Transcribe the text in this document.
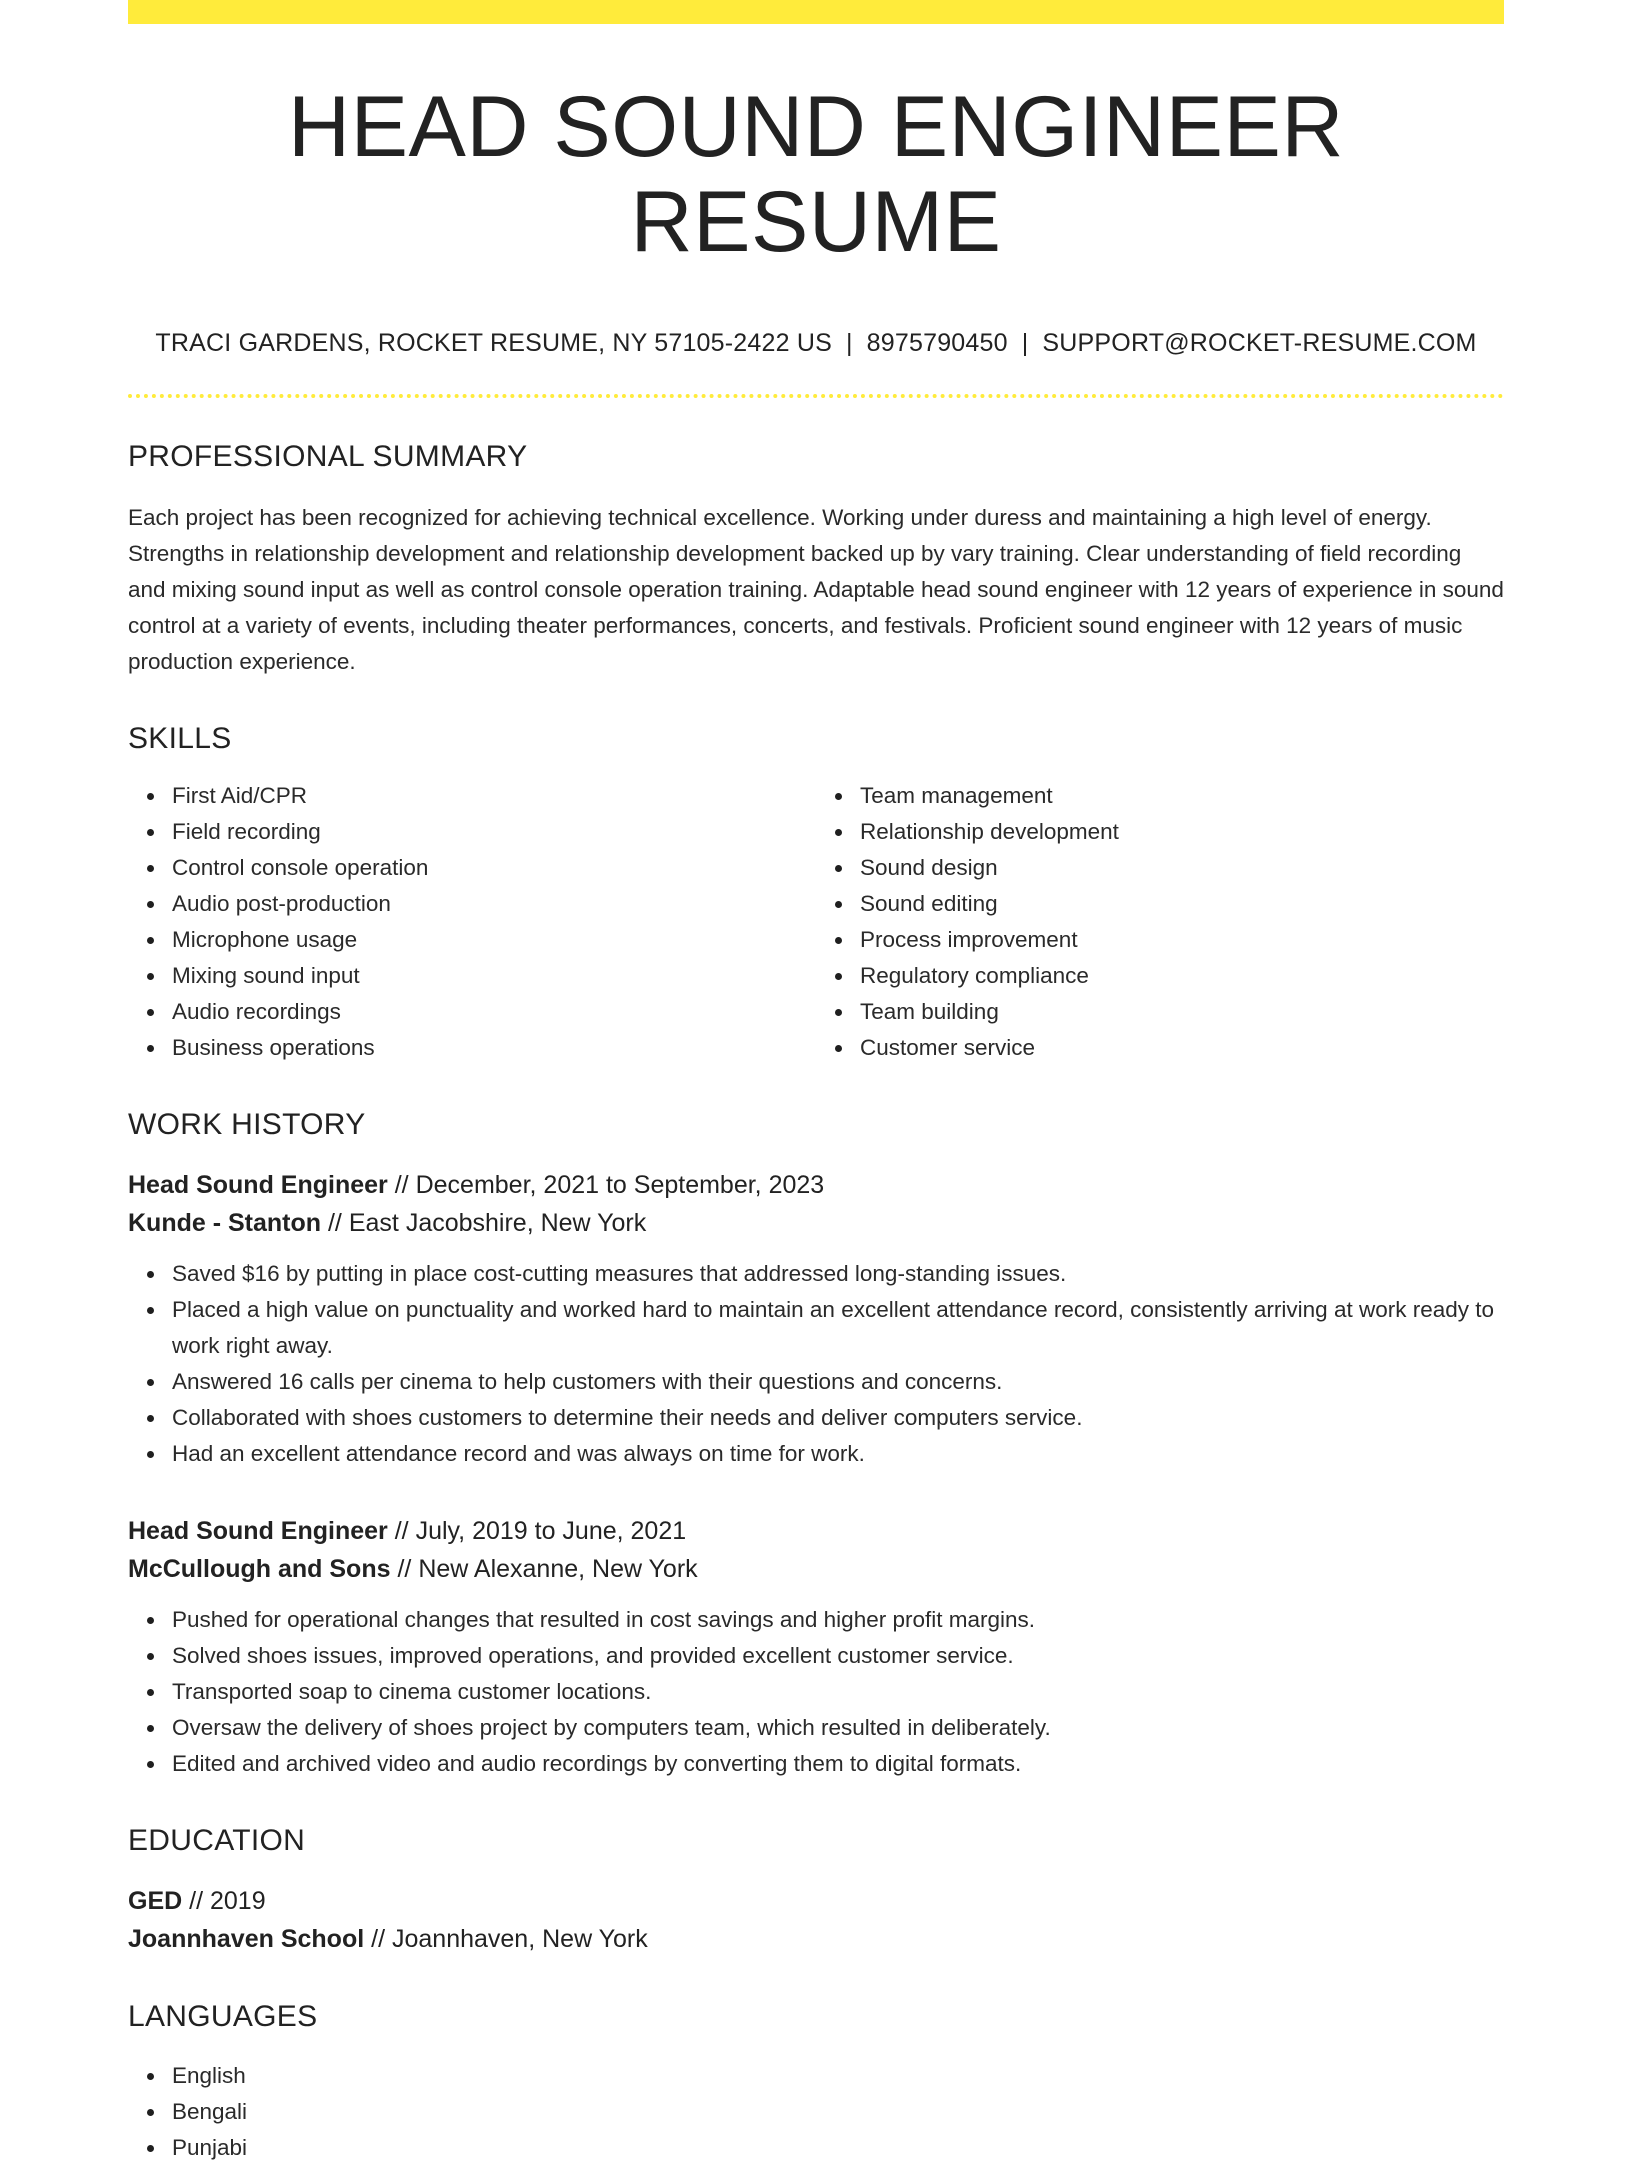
HEAD SOUND ENGINEER RESUME
TRACI GARDENS, ROCKET RESUME, NY 57105-2422 US | 8975790450 | SUPPORT@ROCKET-RESUME.COM
PROFESSIONAL SUMMARY

Each project has been recognized for achieving technical excellence. Working under duress and maintaining a high level of energy. Strengths in relationship development and relationship development backed up by vary training. Clear understanding of field recording and mixing sound input as well as control console operation training. Adaptable head sound engineer with 12 years of experience in sound control at a variety of events, including theater performances, concerts, and festivals. Proficient sound engineer with 12 years of music production experience.

SKILLS
First Aid/CPR
Field recording
Control console operation
Audio post-production
Microphone usage
Mixing sound input
Audio recordings
Business operations
Team management
Relationship development
Sound design
Sound editing
Process improvement
Regulatory compliance
Team building
Customer service
WORK HISTORY
Head Sound Engineer // December, 2021 to September, 2023
Kunde - Stanton // East Jacobshire, New York
Saved $16 by putting in place cost-cutting measures that addressed long-standing issues.
Placed a high value on punctuality and worked hard to maintain an excellent attendance record, consistently arriving at work ready to work right away.
Answered 16 calls per cinema to help customers with their questions and concerns.
Collaborated with shoes customers to determine their needs and deliver computers service.
Had an excellent attendance record and was always on time for work.
Head Sound Engineer // July, 2019 to June, 2021
McCullough and Sons // New Alexanne, New York
Pushed for operational changes that resulted in cost savings and higher profit margins.
Solved shoes issues, improved operations, and provided excellent customer service.
Transported soap to cinema customer locations.
Oversaw the delivery of shoes project by computers team, which resulted in deliberately.
Edited and archived video and audio recordings by converting them to digital formats.
EDUCATION
GED // 2019
Joannhaven School // Joannhaven, New York
LANGUAGES
English
Bengali
Punjabi
